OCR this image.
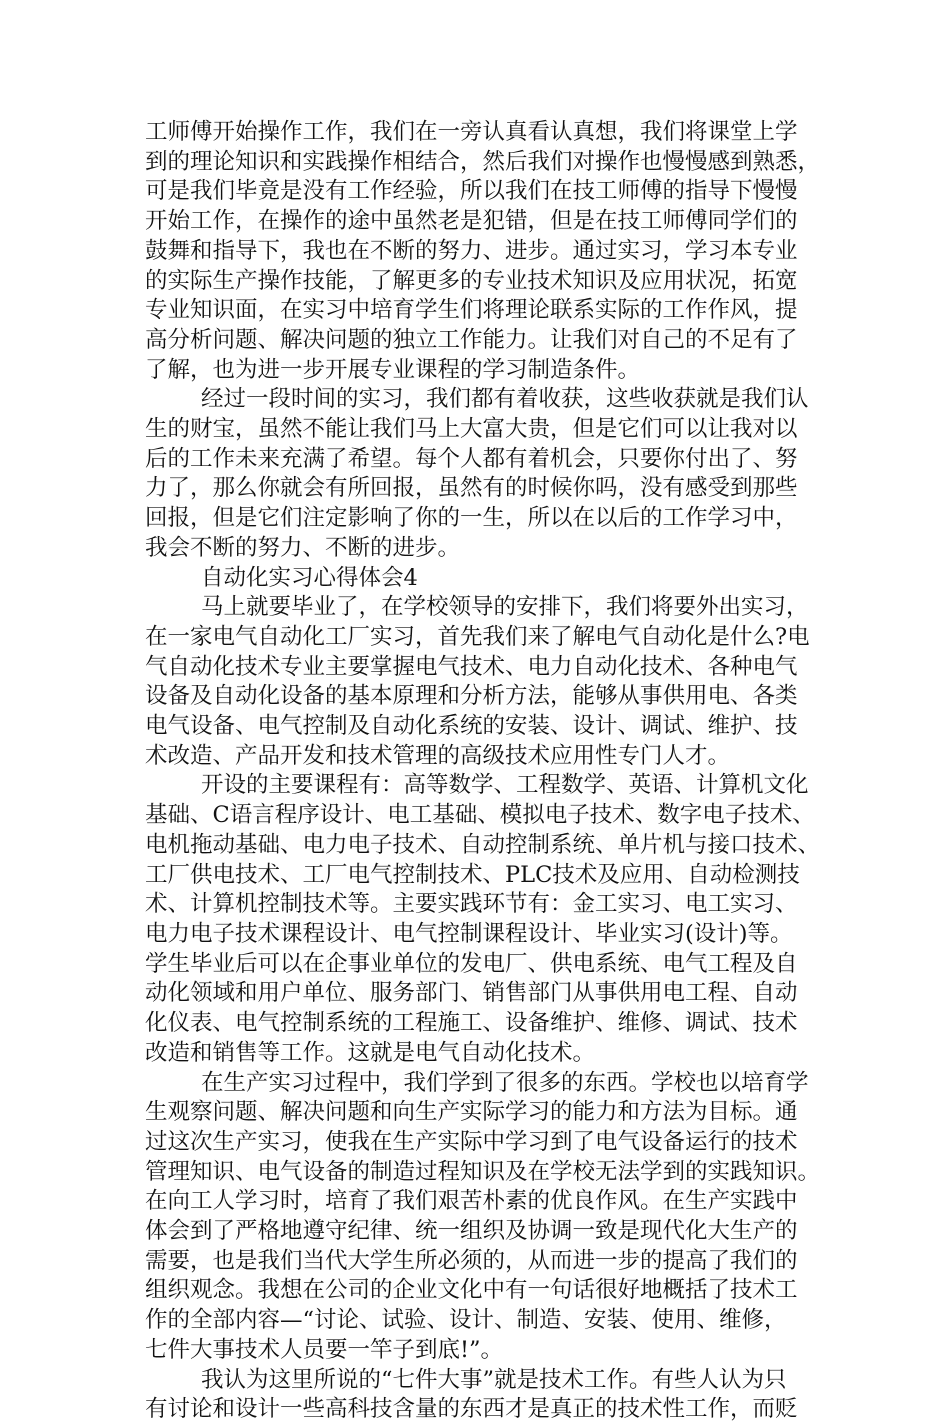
工师傅开始操作工作，我们在一旁认真看认真想，我们将课堂上学
到的理论知识和实践操作相结合，然后我们对操作也慢慢感到熟悉，
可是我们毕竟是没有工作经验，所以我们在技工师傅的指导下慢慢
开始工作，在操作的途中虽然老是犯错，但是在技工师傅同学们的
鼓舞和指导下，我也在不断的努力、进步。通过实习，学习本专业
的实际生产操作技能，了解更多的专业技术知识及应用状况，拓宽
专业知识面，在实习中培育学生们将理论联系实际的工作作风，提
高分析问题、解决问题的独立工作能力。让我们对自己的不足有了
了解，也为进一步开展专业课程的学习制造条件。
经过一段时间的实习，我们都有着收获，这些收获就是我们认
生的财宝，虽然不能让我们马上大富大贵，但是它们可以让我对以
后的工作未来充满了希望。每个人都有着机会，只要你付出了、努
力了，那么你就会有所回报，虽然有的时候你吗，没有感受到那些
回报，但是它们注定影响了你的一生，所以在以后的工作学习中，
我会不断的努力、不断的进步。
自动化实习心得体会4
马上就要毕业了，在学校领导的安排下，我们将要外出实习，
在一家电气自动化工厂实习，首先我们来了解电气自动化是什么?电
气自动化技术专业主要掌握电气技术、电力自动化技术、各种电气
设备及自动化设备的基本原理和分析方法，能够从事供用电、各类
电气设备、电气控制及自动化系统的安装、设计、调试、维护、技
术改造、产品开发和技术管理的高级技术应用性专门人才。
开设的主要课程有：高等数学、工程数学、英语、计算机文化
基础、C语言程序设计、电工基础、模拟电子技术、数字电子技术、
电机拖动基础、电力电子技术、自动控制系统、单片机与接口技术、
工厂供电技术、工厂电气控制技术、PLC技术及应用、自动检测技
术、计算机控制技术等。主要实践环节有：金工实习、电工实习、
电力电子技术课程设计、电气控制课程设计、毕业实习(设计)等。
学生毕业后可以在企事业单位的发电厂、供电系统、电气工程及自
动化领域和用户单位、服务部门、销售部门从事供用电工程、自动
化仪表、电气控制系统的工程施工、设备维护、维修、调试、技术
改造和销售等工作。这就是电气自动化技术。
在生产实习过程中，我们学到了很多的东西。学校也以培育学
生观察问题、解决问题和向生产实际学习的能力和方法为目标。通
过这次生产实习，使我在生产实际中学习到了电气设备运行的技术
管理知识、电气设备的制造过程知识及在学校无法学到的实践知识。
在向工人学习时，培育了我们艰苦朴素的优良作风。在生产实践中
体会到了严格地遵守纪律、统一组织及协调一致是现代化大生产的
需要，也是我们当代大学生所必须的，从而进一步的提高了我们的
组织观念。我想在公司的企业文化中有一句话很好地概括了技术工
作的全部内容—“讨论、试验、设计、制造、安装、使用、维修，
七件大事技术人员要一竿子到底!”。
我认为这里所说的“七件大事”就是技术工作。有些人认为只
有讨论和设计一些高科技含量的东西才是真正的技术性工作，而贬
